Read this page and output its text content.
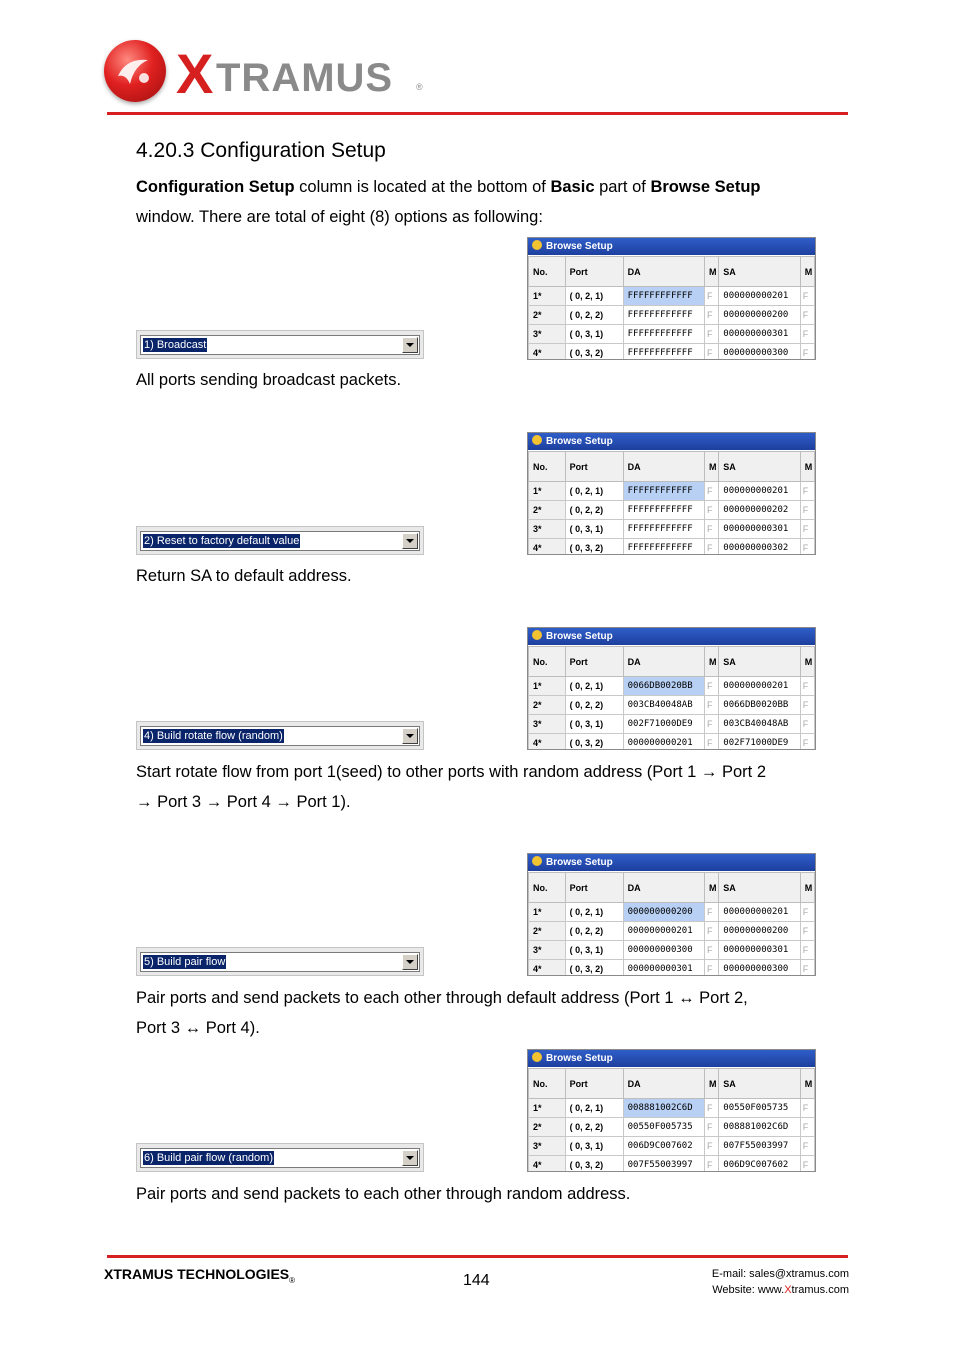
X TRAMUS	®
4.20.3 Configuration Setup
Configuration Setup column is located at the bottom of Basic part of Browse Setup
window. There are total of eight (8) options as following:
Browse Setup
No.	Port	DA	M	SA	M
1*	( 0, 2, 1)	FFFFFFFFFFFF	F	000000000201	F
2*	( 0, 2, 2)	FFFFFFFFFFFF	F	000000000200	F
3*	( 0, 3, 1)	FFFFFFFFFFFF	F	000000000301	F
4*	( 0, 3, 2)	FFFFFFFFFFFF	F	000000000300	F
1) Broadcast
All ports sending broadcast packets.
Browse Setup
No.	Port	DA	M	SA	M
1*	( 0, 2, 1)	FFFFFFFFFFFF	F	000000000201	F
2*	( 0, 2, 2)	FFFFFFFFFFFF	F	000000000202	F
3*	( 0, 3, 1)	FFFFFFFFFFFF	F	000000000301	F
4*	( 0, 3, 2)	FFFFFFFFFFFF	F	000000000302	F
2) Reset to factory default value
Return SA to default address.
Browse Setup
No.	Port	DA	M	SA	M
1*	( 0, 2, 1)	0066DB0020BB	F	000000000201	F
2*	( 0, 2, 2)	003CB40048AB	F	0066DB0020BB	F
3*	( 0, 3, 1)	002F71000DE9	F	003CB40048AB	F
4*	( 0, 3, 2)	000000000201	F	002F71000DE9	F
4) Build rotate flow (random)
Start rotate flow from port 1(seed) to other ports with random address (Port 1 → Port 2
→ Port 3 → Port 4 → Port 1).
Browse Setup
No.	Port	DA	M	SA	M
1*	( 0, 2, 1)	000000000200	F	000000000201	F
2*	( 0, 2, 2)	000000000201	F	000000000200	F
3*	( 0, 3, 1)	000000000300	F	000000000301	F
4*	( 0, 3, 2)	000000000301	F	000000000300	F
5) Build pair flow
Pair ports and send packets to each other through default address (Port 1 ↔ Port 2,
Port 3 ↔ Port 4).
Browse Setup
No.	Port	DA	M	SA	M
1*	( 0, 2, 1)	008881002C6D	F	00550F005735	F
2*	( 0, 2, 2)	00550F005735	F	008881002C6D	F
3*	( 0, 3, 1)	006D9C007602	F	007F55003997	F
4*	( 0, 3, 2)	007F55003997	F	006D9C007602	F
6) Build pair flow (random)
Pair ports and send packets to each other through random address.
XTRAMUS $TECHNOLOGIES_®$	144	E-mail: sales@xtramus.com
Website: www.Xtramus.com
